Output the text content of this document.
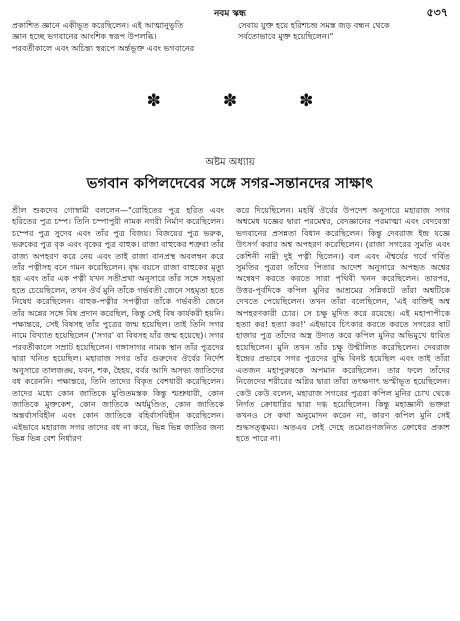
নবম স্কন্ধ	৫৩৭

প্রকাশিত জ্ঞানে একীভূত করেছিলেন। এই আত্মানুভূতি

জ্ঞান হচ্ছে ভগবানের আংশিক স্বরূপ উপলব্ধি।

পরবর্তীকালে এবং অচিন্ত্য স্বরূপে অর্ন্তভূক্ত এবং ভগবানের

সেবায় যুক্ত হয়ে হরিশচন্দ্র সমস্ত জড় বন্ধন থেকে

সর্বতোভাবে মুক্ত হয়েছিলেন।"

✽	✽	✽
অষ্টম অধ্যায়
ভগবান কপিলদেবের সঙ্গে সগর-সন্তানদের সাক্ষাৎ

শ্রীল শুকদেব গোস্বামী বললেন—"রোহিতের পুত্র হরিত এবং হরিতের পুত্র চম্প। তিনি চম্পাপুরী নামক নগরী নির্মাণ করেছিলেন। চম্পের পুত্র সুদেব এবং তাঁর পুত্র বিজয়। বিজয়ের পুত্র ভরুক, ভরুকের পুত্র বৃক এবং বৃকের পুত্র বাহুক। রাজা বাহুকের শত্রুরা তাঁর রাজ্য অপহরণ করে নেয় এবং তাই রাজা বানপ্রস্থ অবলম্বন করে তাঁর পত্নীসহ বনে গমন করেছিলেন। বৃদ্ধ বয়সে রাজা বাহুকের মৃত্যু হয় এবং তাঁর এক পত্নী যখন সতীপ্রথা অনুসারে তাঁর সঙ্গে সহমৃতা হতে চেয়েছিলেন, তখন ঔর্ব মুনি তাঁকে গর্ভবতী জেনে সহমৃতা হতে নিষেধ করেছিলেন। বাহুক-পত্নীর সপত্নীরা তাঁকে গর্ভবতী জেনে তাঁর অন্নের সঙ্গে বিষ প্রদান করেছিল, কিন্তু সেই বিষ কার্যকরী হয়নি। পক্ষান্তরে, সেই বিষসহ তাঁর পুত্রের জন্ম হয়েছিল। তাই তিনি সগর নামে বিখ্যাত হয়েছিলেন ('সগর' বা বিষসহ যাঁর জন্ম হয়েছে)। সগর পরবর্তীকালে সম্রাট হয়েছিলেন। গঙ্গাসাগর নামক স্থান তাঁর পুত্রদের দ্বারা খনিত হয়েছিল। মহারাজ সগর তাঁর গুরুদেব ঔর্বের নির্দেশ অনুসারে তালজঙ্ঘ, যবন, শক, হৈহয়, বর্বর আদি অসভ্য জাতিদের বধ করেননি। পক্ষান্তরে, তিনি তাদের বিকৃত বেশধারী করেছিলেন। তাদের মধ্যে কোন জাতিকে মুণ্ডিতমস্তক কিন্তু শ্মশ্রুধারী, কোন জাতিকে মুক্তকেশ, কোন জাতিকে অর্ধমুণ্ডিত, কোন জাতিকে অন্তর্বাসবিহীন এবং কোন জাতিকে বহির্বাসবিহীন করেছিলেন। এইভাবে মহারাজ সগর তাদের বধ না করে, ভিন্ন ভিন্ন জাতির জন্য ভিন্ন ভিন্ন বেশ নির্ধারণ

করে দিয়েছিলেন। মহর্ষি ঔর্বের উপদেশ অনুসারে মহারাজ সগর অশ্বমেধ যজ্ঞের দ্বারা পরমেশ্বর, বেদজ্ঞানের পরমাত্মা এবং বেদবেত্তা ভগবানের প্রসন্নতা বিধান করেছিলেন। কিন্তু দেবরাজ ইন্দ্র যজ্ঞে উৎসর্গ করার অশ্ব অপহরণ করেছিলেন। (রাজা সগরের সুমতি এবং কেশিনী নাম্নী দুই পত্নী ছিলেন।) বল এবং ঐশ্বর্যের গর্বে গর্বিত সুমতির পুত্ররা তাঁদের পিতার আদেশ অনুসারে অপহৃত অশ্বের অন্বেষণ করতে করতে সারা পৃথিবী খনন করেছিলেন। তারপর, উত্তর-পূর্বদিকে কপিল মুনির আশ্রমের সন্নিকটে তাঁরা অশ্বটিকে দেখতে পেয়েছিলেন। তখন তাঁরা বলেছিলেন, 'এই ব্যক্তিই অশ্ব অপহরণকারী চোর। সে চক্ষু মুদিত করে রয়েছে। এই মহাপাপীকে হত্যা কর! হত্যা কর!' এইভাবে চিৎকার করতে করতে সগরের ষাট হাজার পুত্র তাঁদের অস্ত্র উদ্যত করে কপিল মুনির অভিমুখে ধাবিত হয়েছিলেন। মুনি তখন তাঁর চক্ষু উন্মীলিত করেছিলেন। দেবরাজ ইন্দ্রের প্রভাবে সগর পুত্রদের বুদ্ধি বিনষ্ট হয়েছিল এবং তাই তাঁরা এতজন মহাপুরুষকে অপমান করেছিলেন। তার ফলে তাঁদের নিজেদের শরীরের অগ্নির দ্বারা তাঁরা তৎক্ষণাৎ ভস্মীভূত হয়েছিলেন। কেউ কেউ বলেন, মহারাজ সগরের পুত্ররা কপিল মুনির চোখ থেকে নির্গত ক্রোধাগ্নির দ্বারা দগ্ধ হয়েছিলেন। কিন্তু মহাজ্ঞানী ভক্তরা কখনও সে কথা অনুমোদন করেন না, কারণ কপিল মুনি সেই শুদ্ধসত্ত্বময়। অতএব সেই দেহে তমোগুণজনিত ক্রোধের প্রকাশ হতে পারে না।
